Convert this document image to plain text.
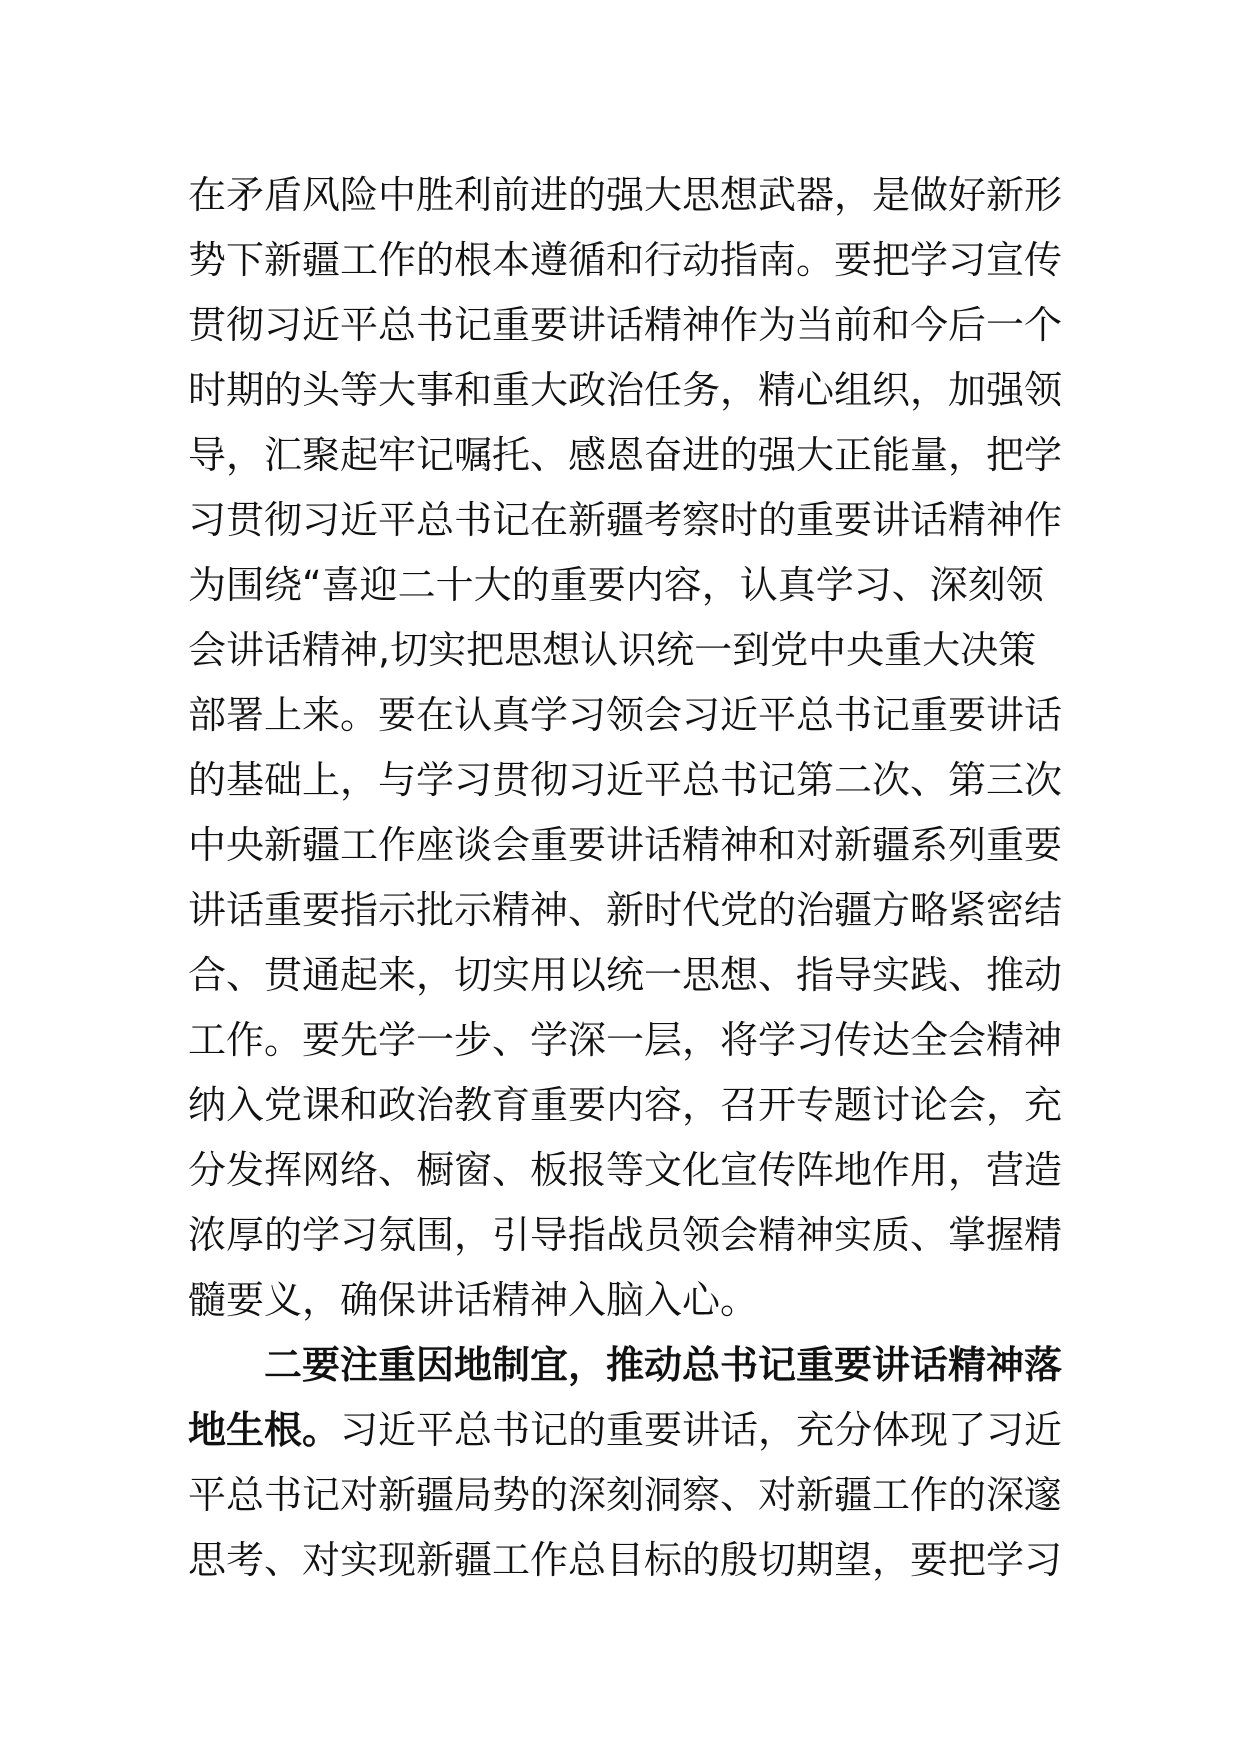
在矛盾风险中胜利前进的强大思想武器，是做好新形
势下新疆工作的根本遵循和行动指南。要把学习宣传
贯彻习近平总书记重要讲话精神作为当前和今后一个
时期的头等大事和重大政治任务，精心组织，加强领
导，汇聚起牢记嘱托、感恩奋进的强大正能量，把学
习贯彻习近平总书记在新疆考察时的重要讲话精神作
为围绕“喜迎二十大的重要内容，认真学习、深刻领
会讲话精神,切实把思想认识统一到党中央重大决策
部署上来。要在认真学习领会习近平总书记重要讲话
的基础上，与学习贯彻习近平总书记第二次、第三次
中央新疆工作座谈会重要讲话精神和对新疆系列重要
讲话重要指示批示精神、新时代党的治疆方略紧密结
合、贯通起来，切实用以统一思想、指导实践、推动
工作。要先学一步、学深一层，将学习传达全会精神
纳入党课和政治教育重要内容，召开专题讨论会，充
分发挥网络、橱窗、板报等文化宣传阵地作用，营造
浓厚的学习氛围，引导指战员领会精神实质、掌握精
髓要义，确保讲话精神入脑入心。
二要注重因地制宜，推动总书记重要讲话精神落
地生根。习近平总书记的重要讲话，充分体现了习近
平总书记对新疆局势的深刻洞察、对新疆工作的深邃
思考、对实现新疆工作总目标的殷切期望，要把学习
